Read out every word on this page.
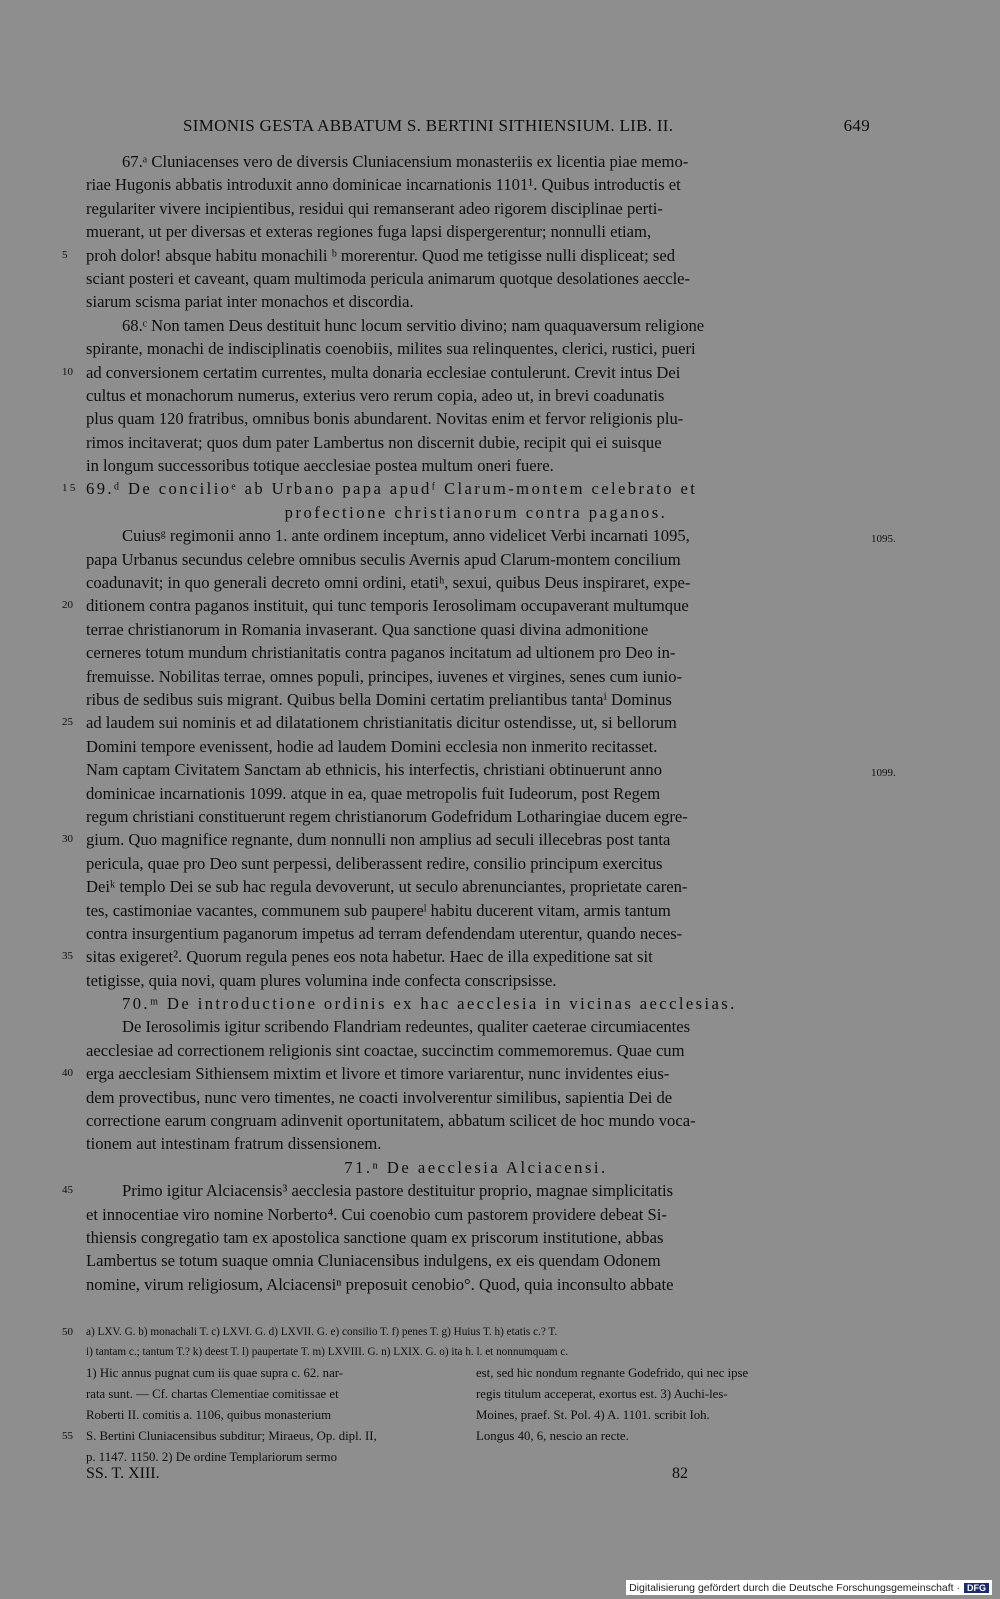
SIMONIS GESTA ABBATUM S. BERTINI SITHIENSIUM. LIB. II.	649
67.ᵃ Cluniacenses vero de diversis Cluniacensium monasteriis ex licentia piae memo-
riae Hugonis abbatis introduxit anno dominicae incarnationis 1101¹. Quibus introductis et
regulariter vivere incipientibus, residui qui remanserant adeo rigorem disciplinae perti-
muerant, ut per diversas et exteras regiones fuga lapsi dispergerentur; nonnulli etiam,
proh dolor! absque habitu monachili ᵇ morerentur. Quod me tetigisse nulli displiceat; sed
5
sciant posteri et caveant, quam multimoda pericula animarum quotque desolationes aeccle-
siarum scisma pariat inter monachos et discordia.
68.ᶜ Non tamen Deus destituit hunc locum servitio divino; nam quaquaversum religione
spirante, monachi de indisciplinatis coenobiis, milites sua relinquentes, clerici, rustici, pueri
ad conversionem certatim currentes, multa donaria ecclesiae contulerunt. Crevit intus Dei
10
cultus et monachorum numerus, exterius vero rerum copia, adeo ut, in brevi coadunatis
plus quam 120 fratribus, omnibus bonis abundarent. Novitas enim et fervor religionis plu-
rimos incitaverat; quos dum pater Lambertus non discernit dubie, recipit qui ei suisque
in longum successoribus totique aecclesiae postea multum oneri fuere.
69.ᵈ De concilioᵉ ab Urbano papa apudᶠ Clarum-montem celebrato et
15
profectione christianorum contra paganos.
Cuiusᵍ regimonii anno 1. ante ordinem inceptum, anno videlicet Verbi incarnati 1095,	1095.
papa Urbanus secundus celebre omnibus seculis Avernis apud Clarum-montem concilium
coadunavit; in quo generali decreto omni ordini, etatiʰ, sexui, quibus Deus inspiraret, expe-
ditionem contra paganos instituit, qui tunc temporis Ierosolimam occupaverant multumque
20
terrae christianorum in Romania invaserant. Qua sanctione quasi divina admonitione
cerneres totum mundum christianitatis contra paganos incitatum ad ultionem pro Deo in-
fremuisse. Nobilitas terrae, omnes populi, principes, iuvenes et virgines, senes cum iunio-
ribus de sedibus suis migrant. Quibus bella Domini certatim preliantibus tantaⁱ Dominus
ad laudem sui nominis et ad dilatationem christianitatis dicitur ostendisse, ut, si bellorum
25
Domini tempore evenissent, hodie ad laudem Domini ecclesia non inmerito recitasset.
Nam captam Civitatem Sanctam ab ethnicis, his interfectis, christiani obtinuerunt anno	1099.
dominicae incarnationis 1099. atque in ea, quae metropolis fuit Iudeorum, post Regem
regum christiani constituerunt regem christianorum Godefridum Lotharingiae ducem egre-
gium. Quo magnifice regnante, dum nonnulli non amplius ad seculi illecebras post tanta
30
pericula, quae pro Deo sunt perpessi, deliberassent redire, consilio principum exercitus
Deiᵏ templo Dei se sub hac regula devoverunt, ut seculo abrenunciantes, proprietate caren-
tes, castimoniae vacantes, communem sub paupereˡ habitu ducerent vitam, armis tantum
contra insurgentium paganorum impetus ad terram defendendam uterentur, quando neces-
sitas exigeret². Quorum regula penes eos nota habetur. Haec de illa expeditione sat sit
35
tetigisse, quia novi, quam plures volumina inde confecta conscripsisse.
70.ᵐ De introductione ordinis ex hac aecclesia in vicinas aecclesias.
De Ierosolimis igitur scribendo Flandriam redeuntes, qualiter caeterae circumiacentes
aecclesiae ad correctionem religionis sint coactae, succinctim commemoremus. Quae cum
erga aecclesiam Sithiensem mixtim et livore et timore variarentur, nunc invidentes eius-
40
dem provectibus, nunc vero timentes, ne coacti involverentur similibus, sapientia Dei de
correctione earum congruam adinvenit oportunitatem, abbatum scilicet de hoc mundo voca-
tionem aut intestinam fratrum dissensionem.
71.ⁿ De aecclesia Alciacensi.
Primo igitur Alciacensis³ aecclesia pastore destituitur proprio, magnae simplicitatis
45
et innocentiae viro nomine Norberto⁴. Cui coenobio cum pastorem providere debeat Si-
thiensis congregatio tam ex apostolica sanctione quam ex priscorum institutione, abbas
Lambertus se totum suaque omnia Cluniacensibus indulgens, ex eis quendam Odonem
nomine, virum religiosum, Alciacensiⁿ preposuit cenobio°. Quod, quia inconsulto abbate
a) LXV. G. b) monachali T. c) LXVI. G. d) LXVII. G. e) consilio T. f) penes T. g) Huius T. h) etatis c.? T.
50
i) tantam c.; tantum T.? k) deest T. l) paupertate T. m) LXVIII. G. n) LXIX. G. o) ita h. l. et nonnumquam c.
1) Hic annus pugnat cum iis quae supra c. 62. nar-
rata sunt. — Cf. chartas Clementiae comitissae et
Roberti II. comitis a. 1106, quibus monasterium
S. Bertini Cluniacensibus subditur; Miraeus, Op. dipl. II,
55
p. 1147. 1150. 2) De ordine Templariorum sermo
est, sed hic nondum regnante Godefrido, qui nec ipse
regis titulum acceperat, exortus est. 3) Auchi-les-
Moines, praef. St. Pol. 4) A. 1101. scribit Ioh.
Longus 40, 6, nescio an recte.
SS. T. XIII.	82
Digitalisierung gefördert durch die Deutsche Forschungsgemeinschaft · DFG
